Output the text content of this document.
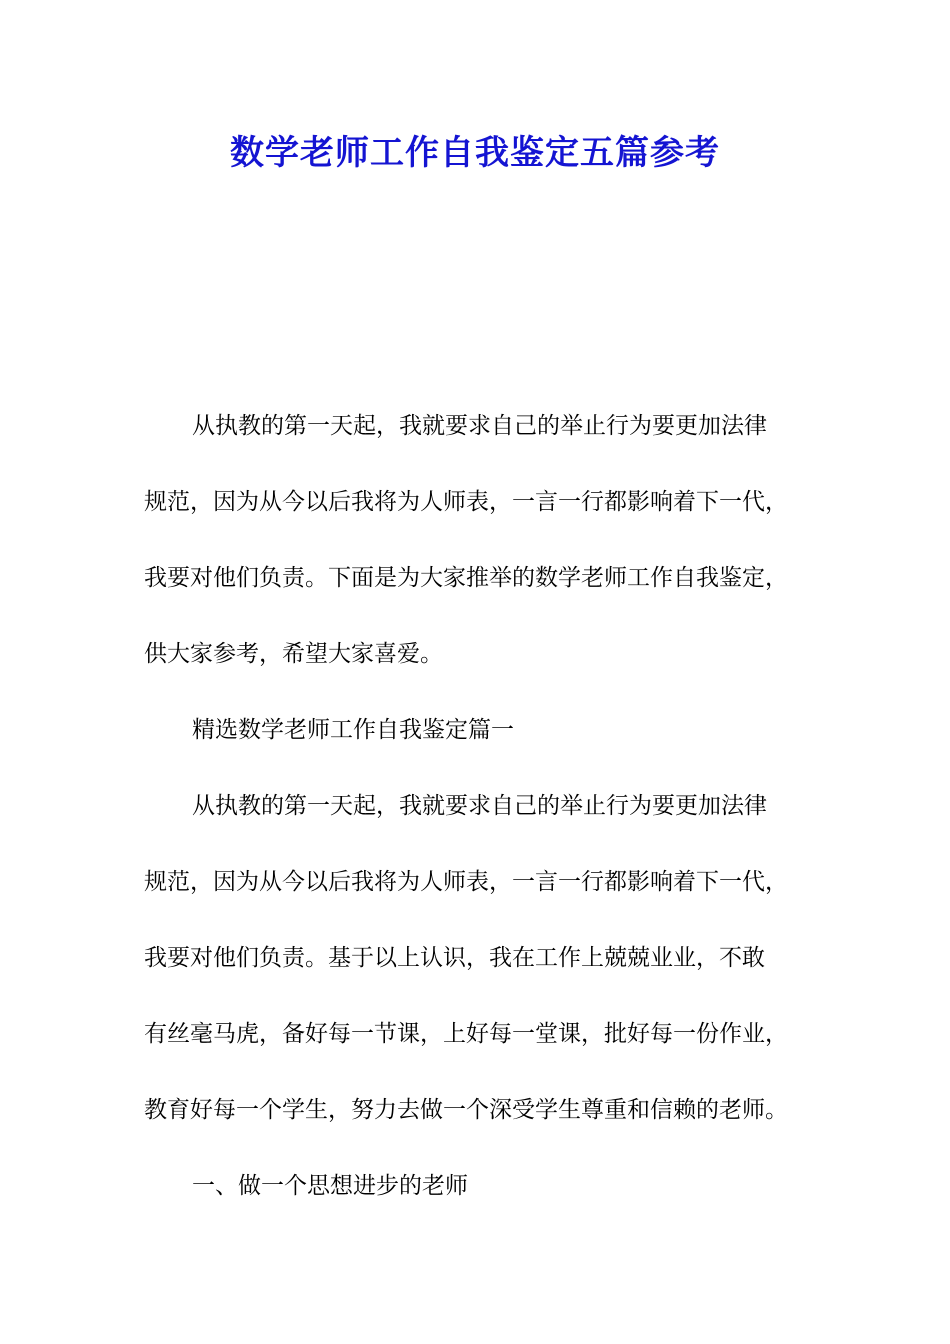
数学老师工作自我鉴定五篇参考

从执教的第一天起，我就要求自己的举止行为要更加法律

规范，因为从今以后我将为人师表，一言一行都影响着下一代，

我要对他们负责。下面是为大家推举的数学老师工作自我鉴定，

供大家参考，希望大家喜爱。

精选数学老师工作自我鉴定篇一

从执教的第一天起，我就要求自己的举止行为要更加法律

规范，因为从今以后我将为人师表，一言一行都影响着下一代，

我要对他们负责。基于以上认识，我在工作上兢兢业业，不敢

有丝毫马虎，备好每一节课，上好每一堂课，批好每一份作业，

教育好每一个学生，努力去做一个深受学生尊重和信赖的老师。

一、做一个思想进步的老师
